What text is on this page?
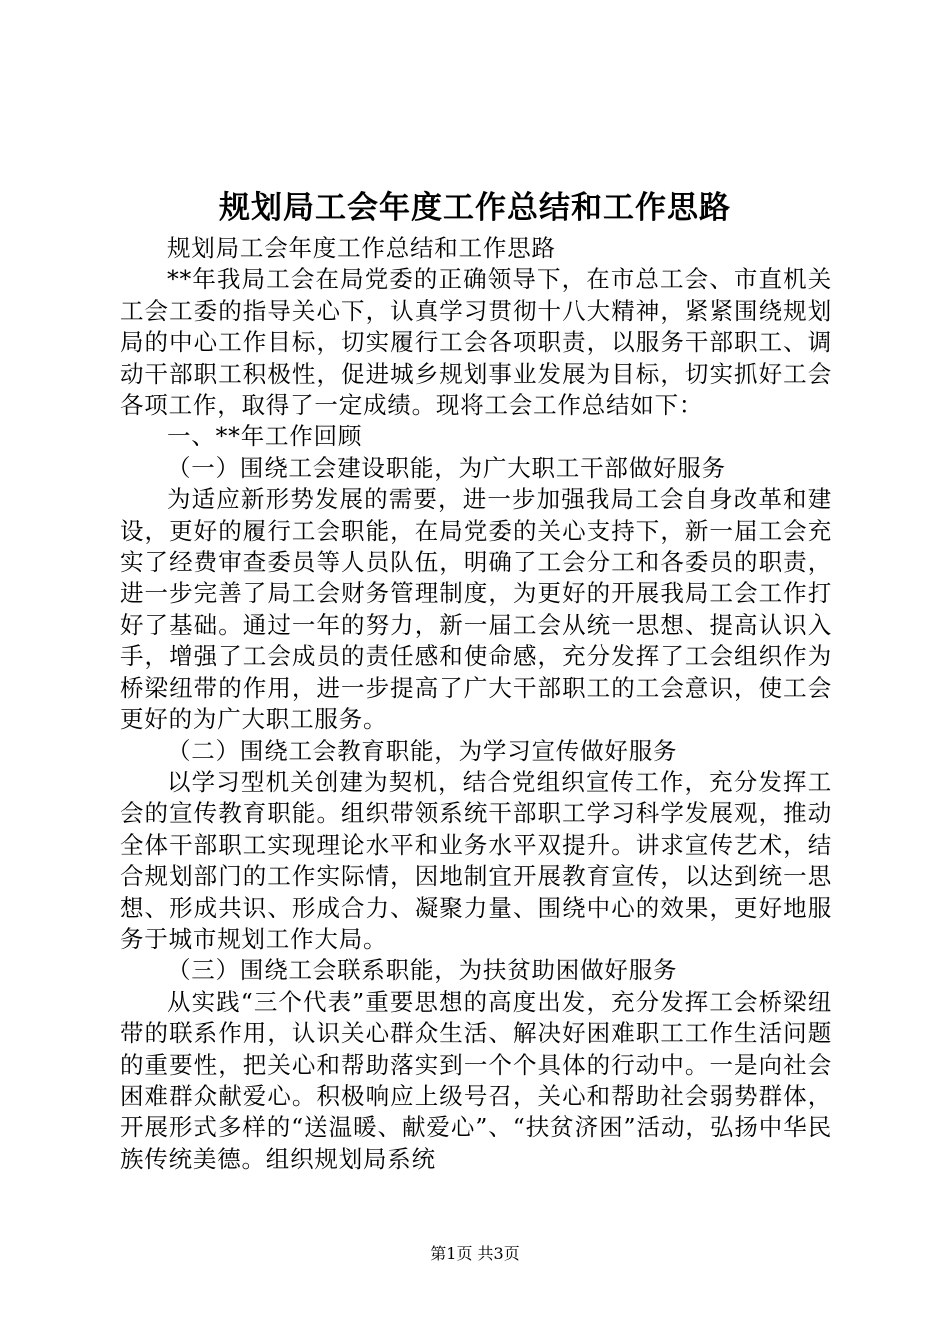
规划局工会年度工作总结和工作思路

规划局工会年度工作总结和工作思路

**年我局工会在局党委的正确领导下，在市总工会、市直机关工会工委的指导关心下，认真学习贯彻十八大精神，紧紧围绕规划局的中心工作目标，切实履行工会各项职责，以服务干部职工、调动干部职工积极性，促进城乡规划事业发展为目标，切实抓好工会各项工作，取得了一定成绩。现将工会工作总结如下：

一、**年工作回顾

（一）围绕工会建设职能，为广大职工干部做好服务

为适应新形势发展的需要，进一步加强我局工会自身改革和建设，更好的履行工会职能，在局党委的关心支持下，新一届工会充实了经费审查委员等人员队伍，明确了工会分工和各委员的职责，进一步完善了局工会财务管理制度，为更好的开展我局工会工作打好了基础。通过一年的努力，新一届工会从统一思想、提高认识入手，增强了工会成员的责任感和使命感，充分发挥了工会组织作为桥梁纽带的作用，进一步提高了广大干部职工的工会意识，使工会更好的为广大职工服务。

（二）围绕工会教育职能，为学习宣传做好服务

以学习型机关创建为契机，结合党组织宣传工作，充分发挥工会的宣传教育职能。组织带领系统干部职工学习科学发展观，推动全体干部职工实现理论水平和业务水平双提升。讲求宣传艺术，结合规划部门的工作实际情，因地制宜开展教育宣传，以达到统一思想、形成共识、形成合力、凝聚力量、围绕中心的效果，更好地服务于城市规划工作大局。

（三）围绕工会联系职能，为扶贫助困做好服务

从实践“三个代表”重要思想的高度出发，充分发挥工会桥梁纽带的联系作用，认识关心群众生活、解决好困难职工工作生活问题的重要性，把关心和帮助落实到一个个具体的行动中。一是向社会困难群众献爱心。积极响应上级号召，关心和帮助社会弱势群体，开展形式多样的“送温暖、献爱心”、“扶贫济困”活动，弘扬中华民族传统美德。组织规划局系统

第1页 共3页
